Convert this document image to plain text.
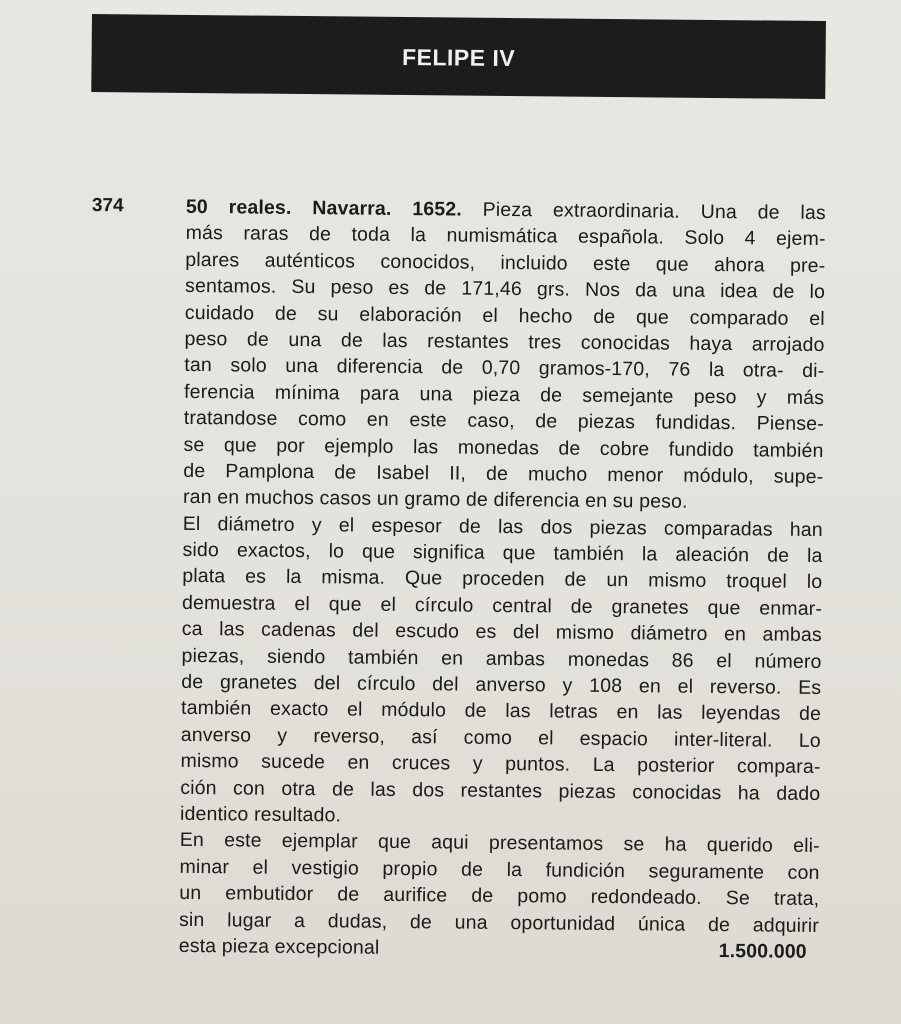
FELIPE IV
374	50 reales. Navarra. 1652. Pieza extraordinaria. Una de las
más raras de toda la numismática española. Solo 4 ejem-
plares auténticos conocidos, incluido este que ahora pre-
sentamos. Su peso es de 171,46 grs. Nos da una idea de lo
cuidado de su elaboración el hecho de que comparado el
peso de una de las restantes tres conocidas haya arrojado
tan solo una diferencia de 0,70 gramos-170, 76 la otra- di-
ferencia mínima para una pieza de semejante peso y más
tratandose como en este caso, de piezas fundidas. Piense-
se que por ejemplo las monedas de cobre fundido también
de Pamplona de Isabel II, de mucho menor módulo, supe-
ran en muchos casos un gramo de diferencia en su peso.
El diámetro y el espesor de las dos piezas comparadas han
sido exactos, lo que significa que también la aleación de la
plata es la misma. Que proceden de un mismo troquel lo
demuestra el que el círculo central de granetes que enmar-
ca las cadenas del escudo es del mismo diámetro en ambas
piezas, siendo también en ambas monedas 86 el número
de granetes del círculo del anverso y 108 en el reverso. Es
también exacto el módulo de las letras en las leyendas de
anverso y reverso, así como el espacio inter-literal. Lo
mismo sucede en cruces y puntos. La posterior compara-
ción con otra de las dos restantes piezas conocidas ha dado
identico resultado.
En este ejemplar que aqui presentamos se ha querido eli-
minar el vestigio propio de la fundición seguramente con
un embutidor de aurifice de pomo redondeado. Se trata,
sin lugar a dudas, de una oportunidad única de adquirir
esta pieza excepcional	1.500.000
